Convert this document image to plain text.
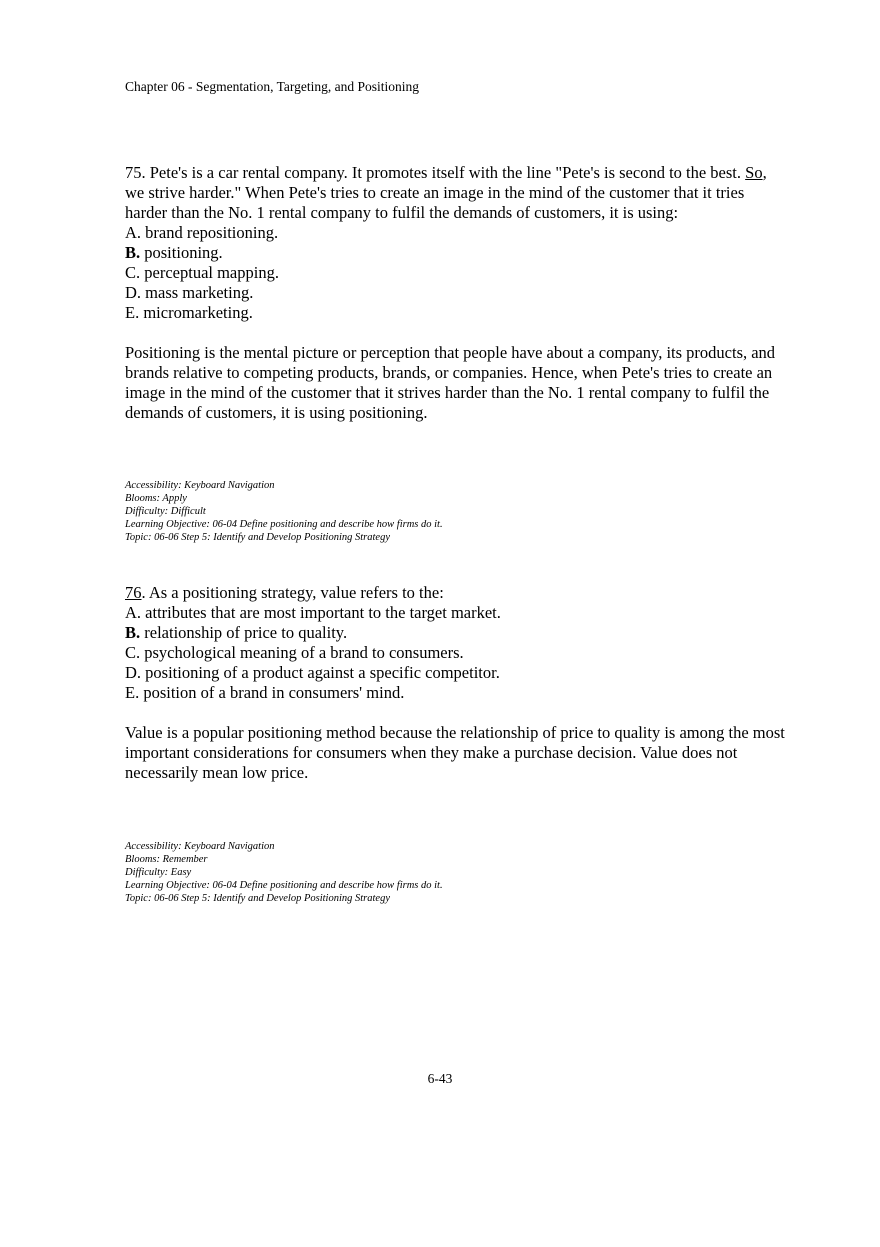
Chapter 06 - Segmentation, Targeting, and Positioning
75. Pete's is a car rental company. It promotes itself with the line "Pete's is second to the best. So, we strive harder." When Pete's tries to create an image in the mind of the customer that it tries harder than the No. 1 rental company to fulfil the demands of customers, it is using:
A. brand repositioning.
B. positioning.
C. perceptual mapping.
D. mass marketing.
E. micromarketing.
Positioning is the mental picture or perception that people have about a company, its products, and brands relative to competing products, brands, or companies. Hence, when Pete's tries to create an image in the mind of the customer that it strives harder than the No. 1 rental company to fulfil the demands of customers, it is using positioning.
Accessibility: Keyboard Navigation
Blooms: Apply
Difficulty: Difficult
Learning Objective: 06-04 Define positioning and describe how firms do it.
Topic: 06-06 Step 5: Identify and Develop Positioning Strategy
76. As a positioning strategy, value refers to the:
A. attributes that are most important to the target market.
B. relationship of price to quality.
C. psychological meaning of a brand to consumers.
D. positioning of a product against a specific competitor.
E. position of a brand in consumers' mind.
Value is a popular positioning method because the relationship of price to quality is among the most important considerations for consumers when they make a purchase decision. Value does not necessarily mean low price.
Accessibility: Keyboard Navigation
Blooms: Remember
Difficulty: Easy
Learning Objective: 06-04 Define positioning and describe how firms do it.
Topic: 06-06 Step 5: Identify and Develop Positioning Strategy
6-43
